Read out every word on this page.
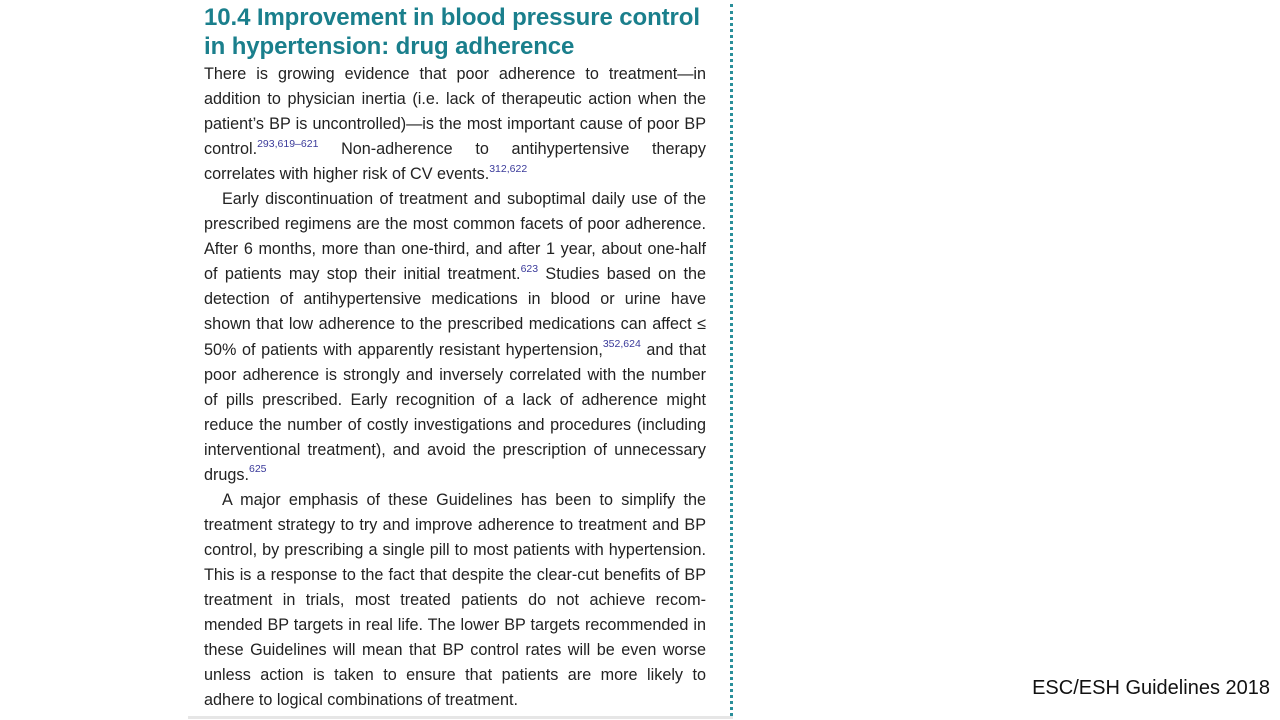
10.4 Improvement in blood pressure control in hypertension: drug adherence

There is growing evidence that poor adherence to treatment—in addition to physician inertia (i.e. lack of therapeutic action when the patient’s BP is uncontrolled)—is the most important cause of poor BP control.$^{293,619-621}$ Non-adherence to antihypertensive therapy correlates with higher risk of CV events.$^{312,622}$

Early discontinuation of treatment and suboptimal daily use of the prescribed regimens are the most common facets of poor adherence. After 6 months, more than one-third, and after 1 year, about one-half of patients may stop their initial treatment.$^{623}$ Studies based on the detection of antihypertensive medications in blood or urine have shown that low adherence to the prescribed medications can affect ≤ 50% of patients with apparently resistant hypertension,$^{352,624}$ and that poor adherence is strongly and inversely correlated with the number of pills prescribed. Early recognition of a lack of adherence might reduce the number of costly investigations and procedures (including interventional treatment), and avoid the prescription of unnecessary drugs.$^{625}$

A major emphasis of these Guidelines has been to simplify the treatment strategy to try and improve adherence to treatment and BP control, by prescribing a single pill to most patients with hypertension. This is a response to the fact that despite the clear-cut benefits of BP treatment in trials, most treated patients do not achieve recommended BP targets in real life. The lower BP targets recommended in these Guidelines will mean that BP control rates will be even worse unless action is taken to ensure that patients are more likely to adhere to logical combinations of treatment.

ESC/ESH Guidelines 2018
